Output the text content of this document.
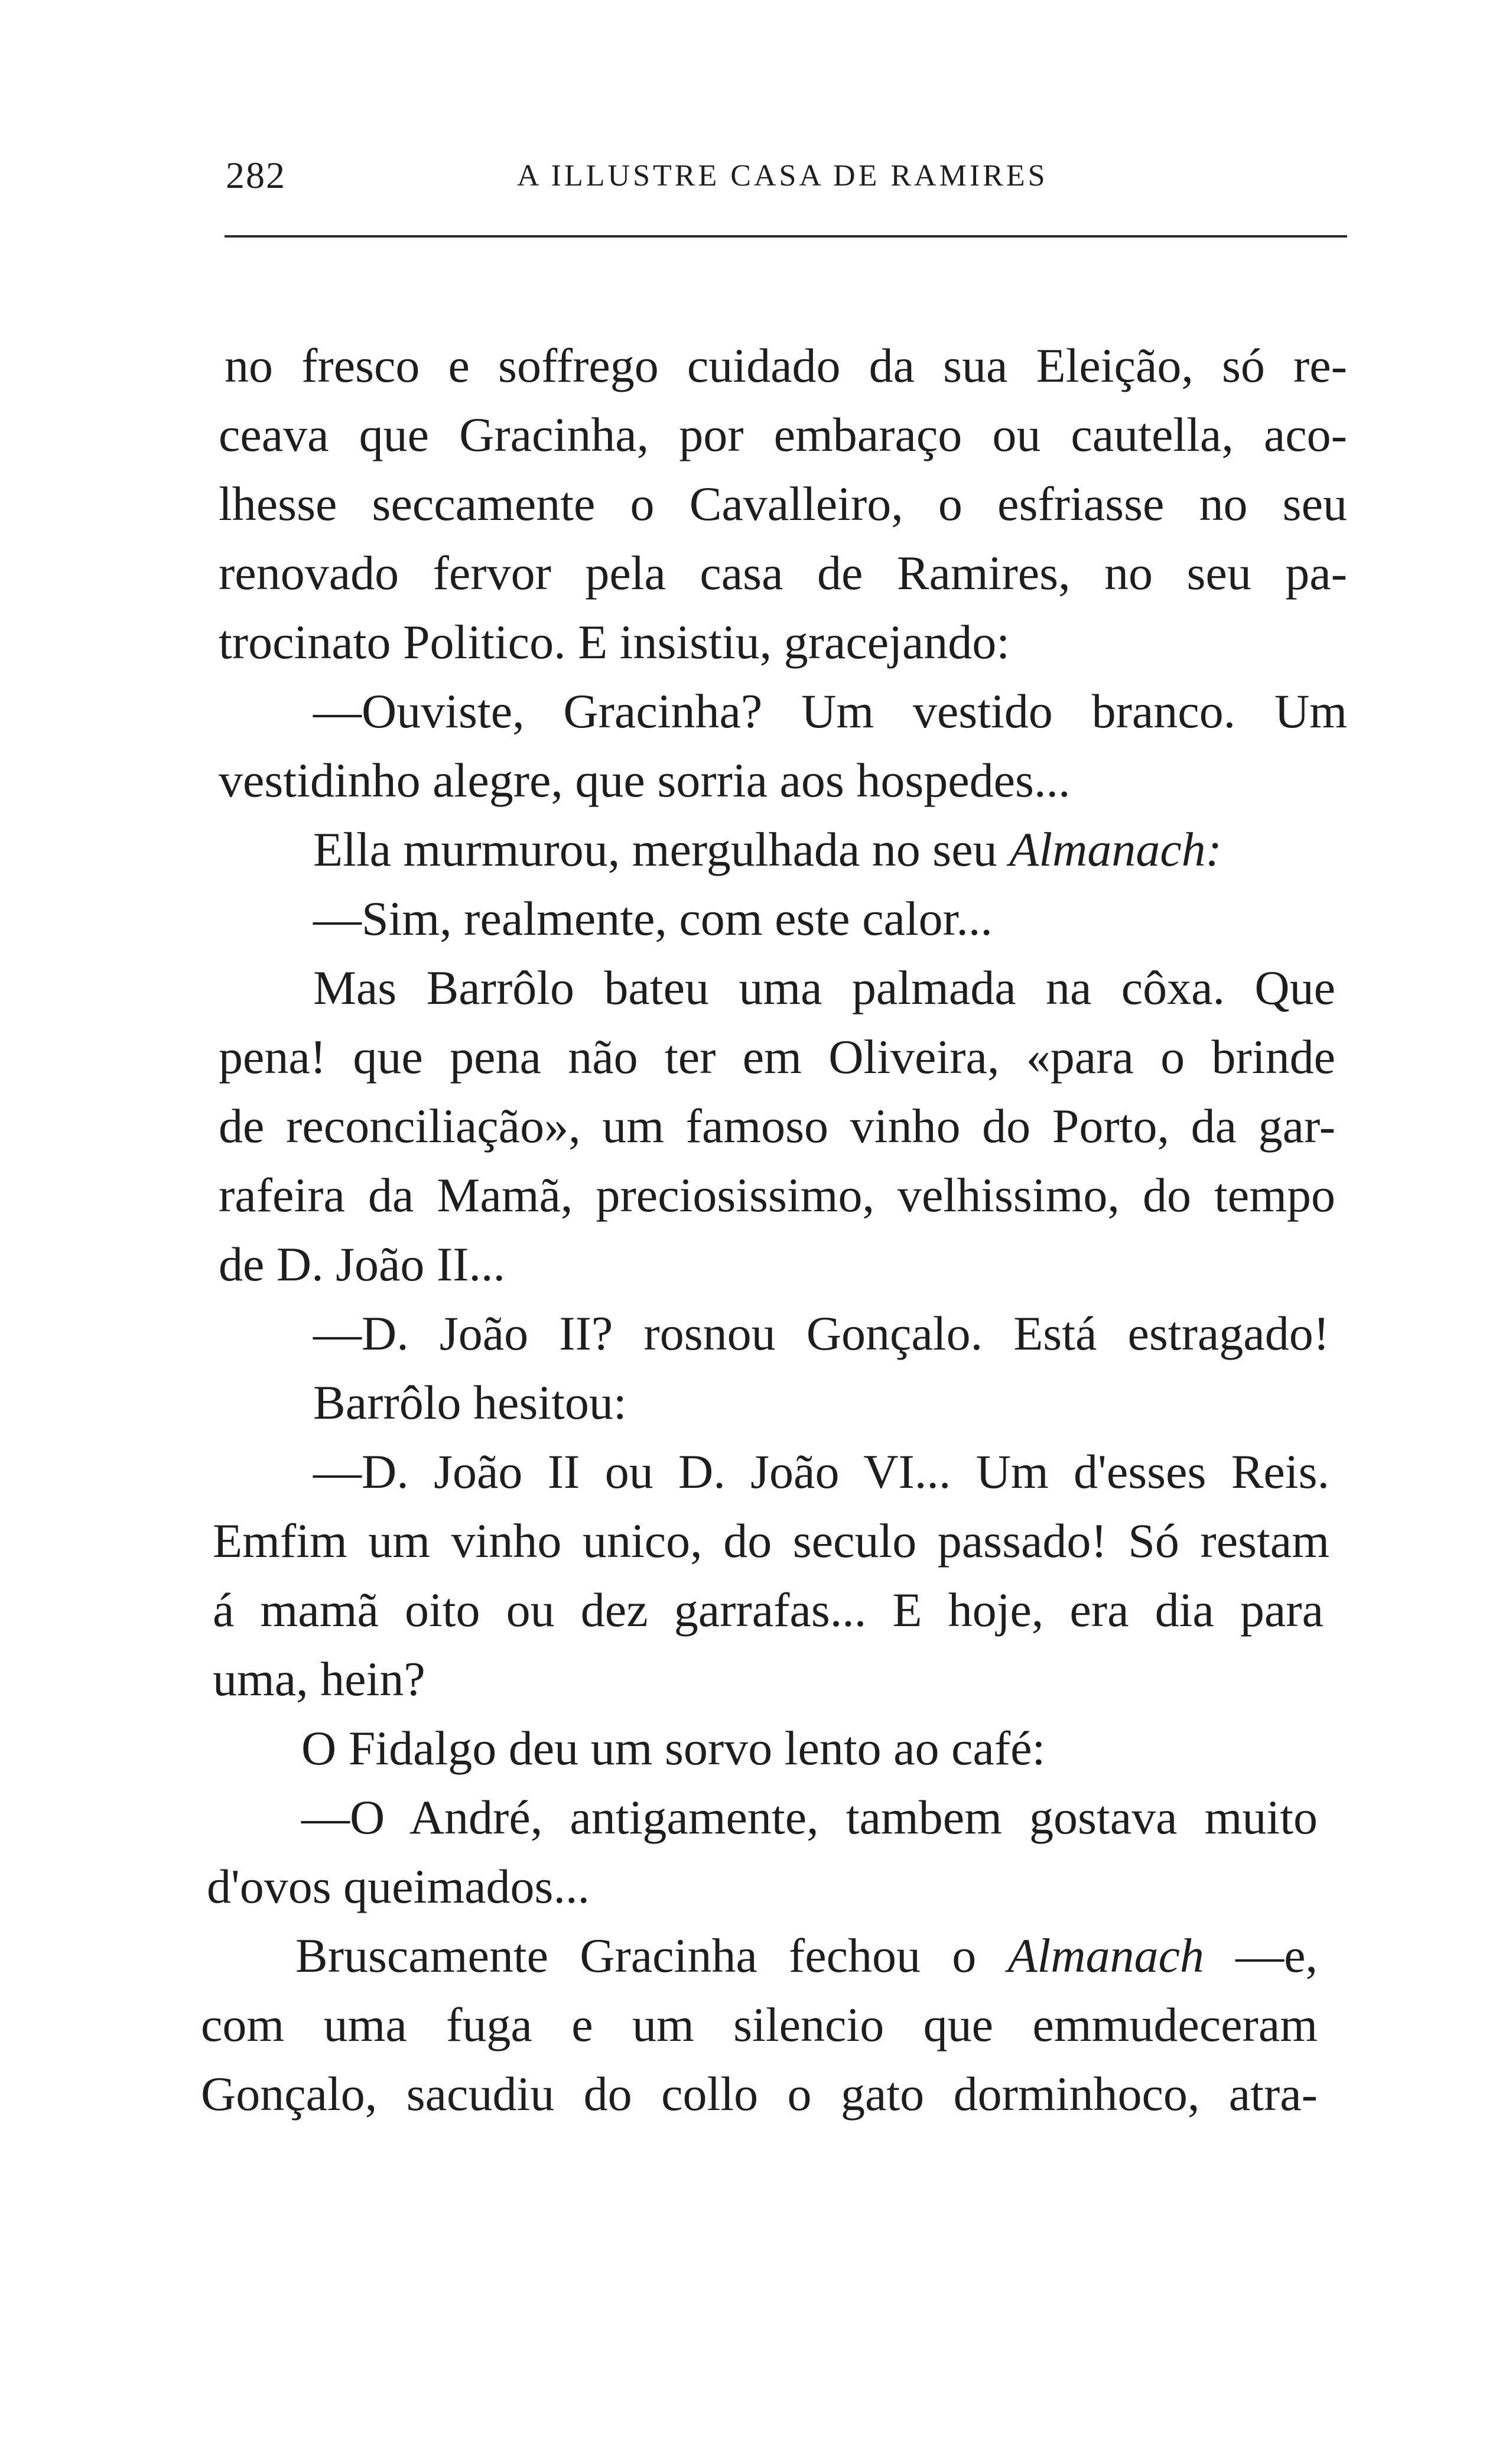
282	A ILLUSTRE CASA DE RAMIRES
no fresco e soffrego cuidado da sua Eleição, só re-
ceava que Gracinha, por embaraço ou cautella, aco-
lhesse seccamente o Cavalleiro, o esfriasse no seu
renovado fervor pela casa de Ramires, no seu pa-
trocinato Politico. E insistiu, gracejando:
—Ouviste, Gracinha? Um vestido branco. Um
vestidinho alegre, que sorria aos hospedes...
Ella murmurou, mergulhada no seu Almanach:
—Sim, realmente, com este calor...
Mas Barrôlo bateu uma palmada na côxa. Que
pena! que pena não ter em Oliveira, «para o brinde
de reconciliação», um famoso vinho do Porto, da gar-
rafeira da Mamã, preciosissimo, velhissimo, do tempo
de D. João II...
—D. João II? rosnou Gonçalo. Está estragado!
Barrôlo hesitou:
—D. João II ou D. João VI... Um d'esses Reis.
Emfim um vinho unico, do seculo passado! Só restam
á mamã oito ou dez garrafas... E hoje, era dia para
uma, hein?
O Fidalgo deu um sorvo lento ao café:
—O André, antigamente, tambem gostava muito
d'ovos queimados...
Bruscamente Gracinha fechou o Almanach —e,
com uma fuga e um silencio que emmudeceram
Gonçalo, sacudiu do collo o gato dorminhoco, atra-
